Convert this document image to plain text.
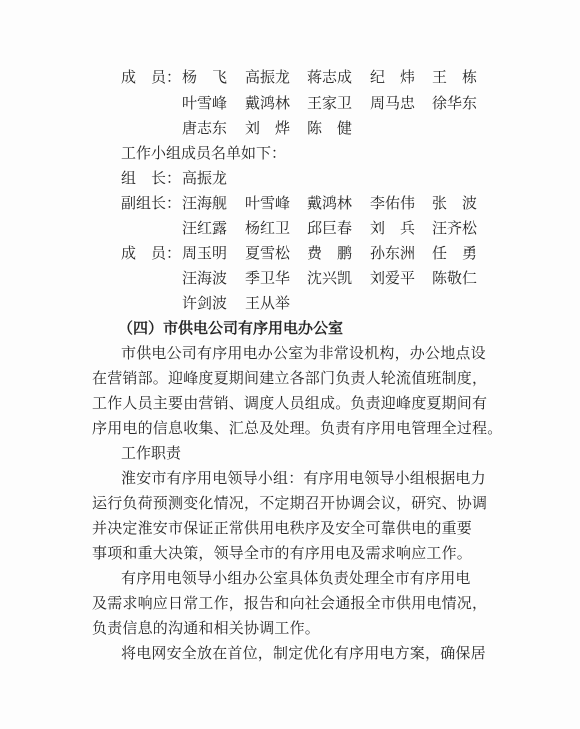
成　员： 杨　飞 高振龙 蒋志成 纪　炜 王　栋
叶雪峰 戴鸿林 王家卫 周马忠 徐华东
唐志东 刘　烨 陈　健
工作小组成员名单如下：
组　长： 高振龙
副组长： 汪海舰 叶雪峰 戴鸿林 李佑伟 张　波
汪红露 杨红卫 邱巨春 刘　兵 汪齐松
成　员： 周玉明 夏雪松 费　鹏 孙东洲 任　勇
汪海波 季卫华 沈兴凯 刘爱平 陈敬仁
许剑波 王从举
（四）市供电公司有序用电办公室
市供电公司有序用电办公室为非常设机构，办公地点设
在营销部。迎峰度夏期间建立各部门负责人轮流值班制度，
工作人员主要由营销、调度人员组成。负责迎峰度夏期间有
序用电的信息收集、汇总及处理。负责有序用电管理全过程。
工作职责
淮安市有序用电领导小组：有序用电领导小组根据电力
运行负荷预测变化情况，不定期召开协调会议，研究、协调
并决定淮安市保证正常供用电秩序及安全可靠供电的重要
事项和重大决策，领导全市的有序用电及需求响应工作。
有序用电领导小组办公室具体负责处理全市有序用电
及需求响应日常工作，报告和向社会通报全市供用电情况，
负责信息的沟通和相关协调工作。
将电网安全放在首位，制定优化有序用电方案，确保居
